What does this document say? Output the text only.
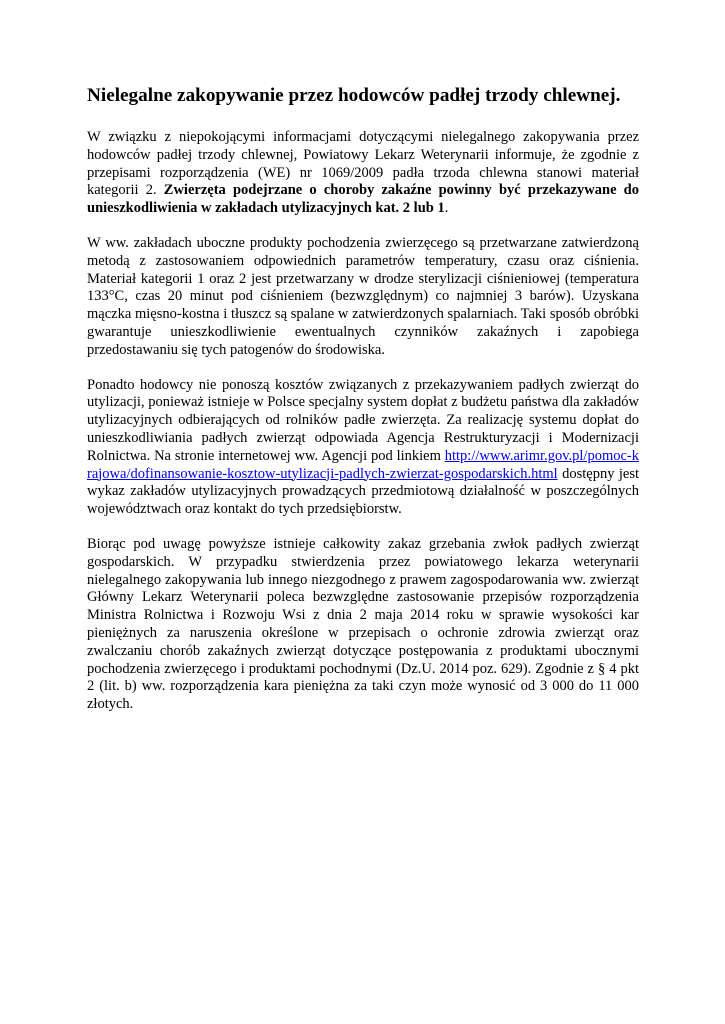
Nielegalne zakopywanie przez hodowców padłej trzody chlewnej.

W związku z niepokojącymi informacjami dotyczącymi nielegalnego zakopywania przez hodowców padłej trzody chlewnej, Powiatowy Lekarz Weterynarii informuje, że zgodnie z przepisami rozporządzenia (WE) nr 1069/2009 padła trzoda chlewna stanowi materiał kategorii 2. Zwierzęta podejrzane o choroby zakaźne powinny być przekazywane do unieszkodliwienia w zakładach utylizacyjnych kat. 2 lub 1.

W ww. zakładach uboczne produkty pochodzenia zwierzęcego są przetwarzane zatwierdzoną metodą z zastosowaniem odpowiednich parametrów temperatury, czasu oraz ciśnienia. Materiał kategorii 1 oraz 2 jest przetwarzany w drodze sterylizacji ciśnieniowej (temperatura 133°C, czas 20 minut pod ciśnieniem (bezwzględnym) co najmniej 3 barów). Uzyskana mączka mięsno-kostna i tłuszcz są spalane w zatwierdzonych spalarniach. Taki sposób obróbki gwarantuje unieszkodliwienie ewentualnych czynników zakaźnych i zapobiega przedostawaniu się tych patogenów do środowiska.

Ponadto hodowcy nie ponoszą kosztów związanych z przekazywaniem padłych zwierząt do utylizacji, ponieważ istnieje w Polsce specjalny system dopłat z budżetu państwa dla zakładów utylizacyjnych odbierających od rolników padłe zwierzęta. Za realizację systemu dopłat do unieszkodliwiania padłych zwierząt odpowiada Agencja Restrukturyzacji i Modernizacji Rolnictwa. Na stronie internetowej ww. Agencji pod linkiem http://www.arimr.gov.pl/pomoc-krajowa/dofinansowanie-kosztow-utylizacji-padlych-zwierzat-gospodarskich.html dostępny jest wykaz zakładów utylizacyjnych prowadzących przedmiotową działalność w poszczególnych województwach oraz kontakt do tych przedsiębiorstw.

Biorąc pod uwagę powyższe istnieje całkowity zakaz grzebania zwłok padłych zwierząt gospodarskich. W przypadku stwierdzenia przez powiatowego lekarza weterynarii nielegalnego zakopywania lub innego niezgodnego z prawem zagospodarowania ww. zwierząt Główny Lekarz Weterynarii poleca bezwzględne zastosowanie przepisów rozporządzenia Ministra Rolnictwa i Rozwoju Wsi z dnia 2 maja 2014 roku w sprawie wysokości kar pieniężnych za naruszenia określone w przepisach o ochronie zdrowia zwierząt oraz zwalczaniu chorób zakaźnych zwierząt dotyczące postępowania z produktami ubocznymi pochodzenia zwierzęcego i produktami pochodnymi (Dz.U. 2014 poz. 629). Zgodnie z § 4 pkt 2 (lit. b) ww. rozporządzenia kara pieniężna za taki czyn może wynosić od 3 000 do 11 000 złotych.
